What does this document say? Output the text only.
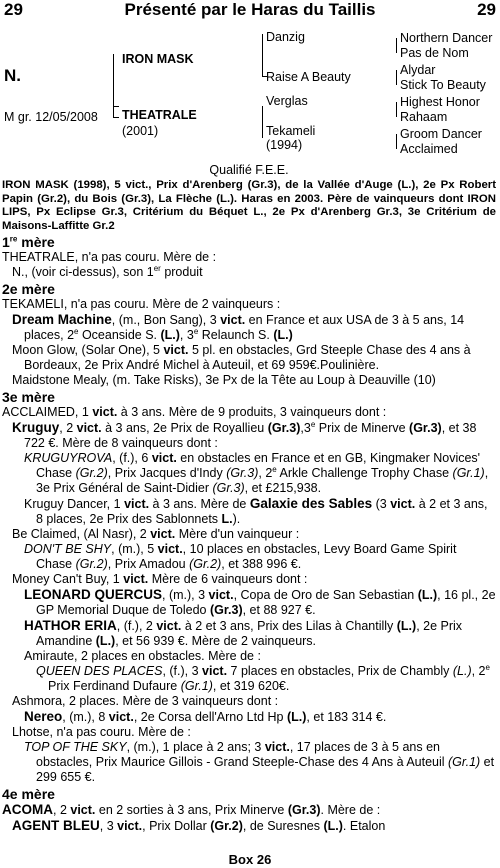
29	Présenté par le Haras du Taillis	29
N.
M gr. 12/05/2008
IRON MASK
THEATRALE
(2001)
Danzig
Raise A Beauty
Verglas
Tekameli
(1994)
Northern Dancer
Pas de Nom
Alydar
Stick To Beauty
Highest Honor
Rahaam
Groom Dancer
Acclaimed
Qualifié F.E.E.
IRON MASK (1998), 5 vict., Prix d'Arenberg (Gr.3), de la Vallée d'Auge (L.), 2e Px Robert Papin (Gr.2), du Bois (Gr.3), La Flèche (L.). Haras en 2003. Père de vainqueurs dont IRON LIPS, Px Eclipse Gr.3, Critérium du Béquet L., 2e Px d'Arenberg Gr.3, 3e Critérium de Maisons-Laffitte Gr.2
1re mère
THEATRALE, n'a pas couru. Mère de :
N., (voir ci-dessus), son 1er produit
2e mère
TEKAMELI, n'a pas couru. Mère de 2 vainqueurs :
Dream Machine, (m., Bon Sang), 3 vict. en France et aux USA de 3 à 5 ans, 14 places, 2e Oceanside S. (L.), 3e Relaunch S. (L.)
Moon Glow, (Solar One), 5 vict. 5 pl. en obstacles, Grd Steeple Chase des 4 ans à Bordeaux, 2e Prix André Michel à Auteuil, et 69 959€.Poulinière.
Maidstone Mealy, (m. Take Risks), 3e Px de la Tête au Loup à Deauville (10)
3e mère
ACCLAIMED, 1 vict. à 3 ans. Mère de 9 produits, 3 vainqueurs dont :
Kruguy, 2 vict. à 3 ans, 2e Prix de Royallieu (Gr.3),3e Prix de Minerve (Gr.3), et 38 722 €. Mère de 8 vainqueurs dont :
KRUGUYROVA, (f.), 6 vict. en obstacles en France et en GB, Kingmaker Novices' Chase (Gr.2), Prix Jacques d'Indy (Gr.3), 2e Arkle Challenge Trophy Chase (Gr.1), 3e Prix Général de Saint-Didier (Gr.3), et £215,938.
Kruguy Dancer, 1 vict. à 3 ans. Mère de Galaxie des Sables (3 vict. à 2 et 3 ans, 8 places, 2e Prix des Sablonnets L.).
Be Claimed, (Al Nasr), 2 vict. Mère d'un vainqueur :
DON'T BE SHY, (m.), 5 vict., 10 places en obstacles, Levy Board Game Spirit Chase (Gr.2), Prix Amadou (Gr.2), et 388 996 €.
Money Can't Buy, 1 vict. Mère de 6 vainqueurs dont :
LEONARD QUERCUS, (m.), 3 vict., Copa de Oro de San Sebastian (L.), 16 pl., 2e GP Memorial Duque de Toledo (Gr.3), et 88 927 €.
HATHOR ERIA, (f.), 2 vict. à 2 et 3 ans, Prix des Lilas à Chantilly (L.), 2e Prix Amandine (L.), et 56 939 €. Mère de 2 vainqueurs.
Amiraute, 2 places en obstacles. Mère de :
QUEEN DES PLACES, (f.), 3 vict. 7 places en obstacles, Prix de Chambly (L.), 2e Prix Ferdinand Dufaure (Gr.1), et 319 620€.
Ashmora, 2 places. Mère de 3 vainqueurs dont :
Nereo, (m.), 8 vict., 2e Corsa dell'Arno Ltd Hp (L.), et 183 314 €.
Lhotse, n'a pas couru. Mère de :
TOP OF THE SKY, (m.), 1 place à 2 ans; 3 vict., 17 places de 3 à 5 ans en obstacles, Prix Maurice Gillois - Grand Steeple-Chase des 4 Ans à Auteuil (Gr.1) et 299 655 €.
4e mère
ACOMA, 2 vict. en 2 sorties à 3 ans, Prix Minerve (Gr.3). Mère de :
AGENT BLEU, 3 vict., Prix Dollar (Gr.2), de Suresnes (L.). Etalon
Box 26
